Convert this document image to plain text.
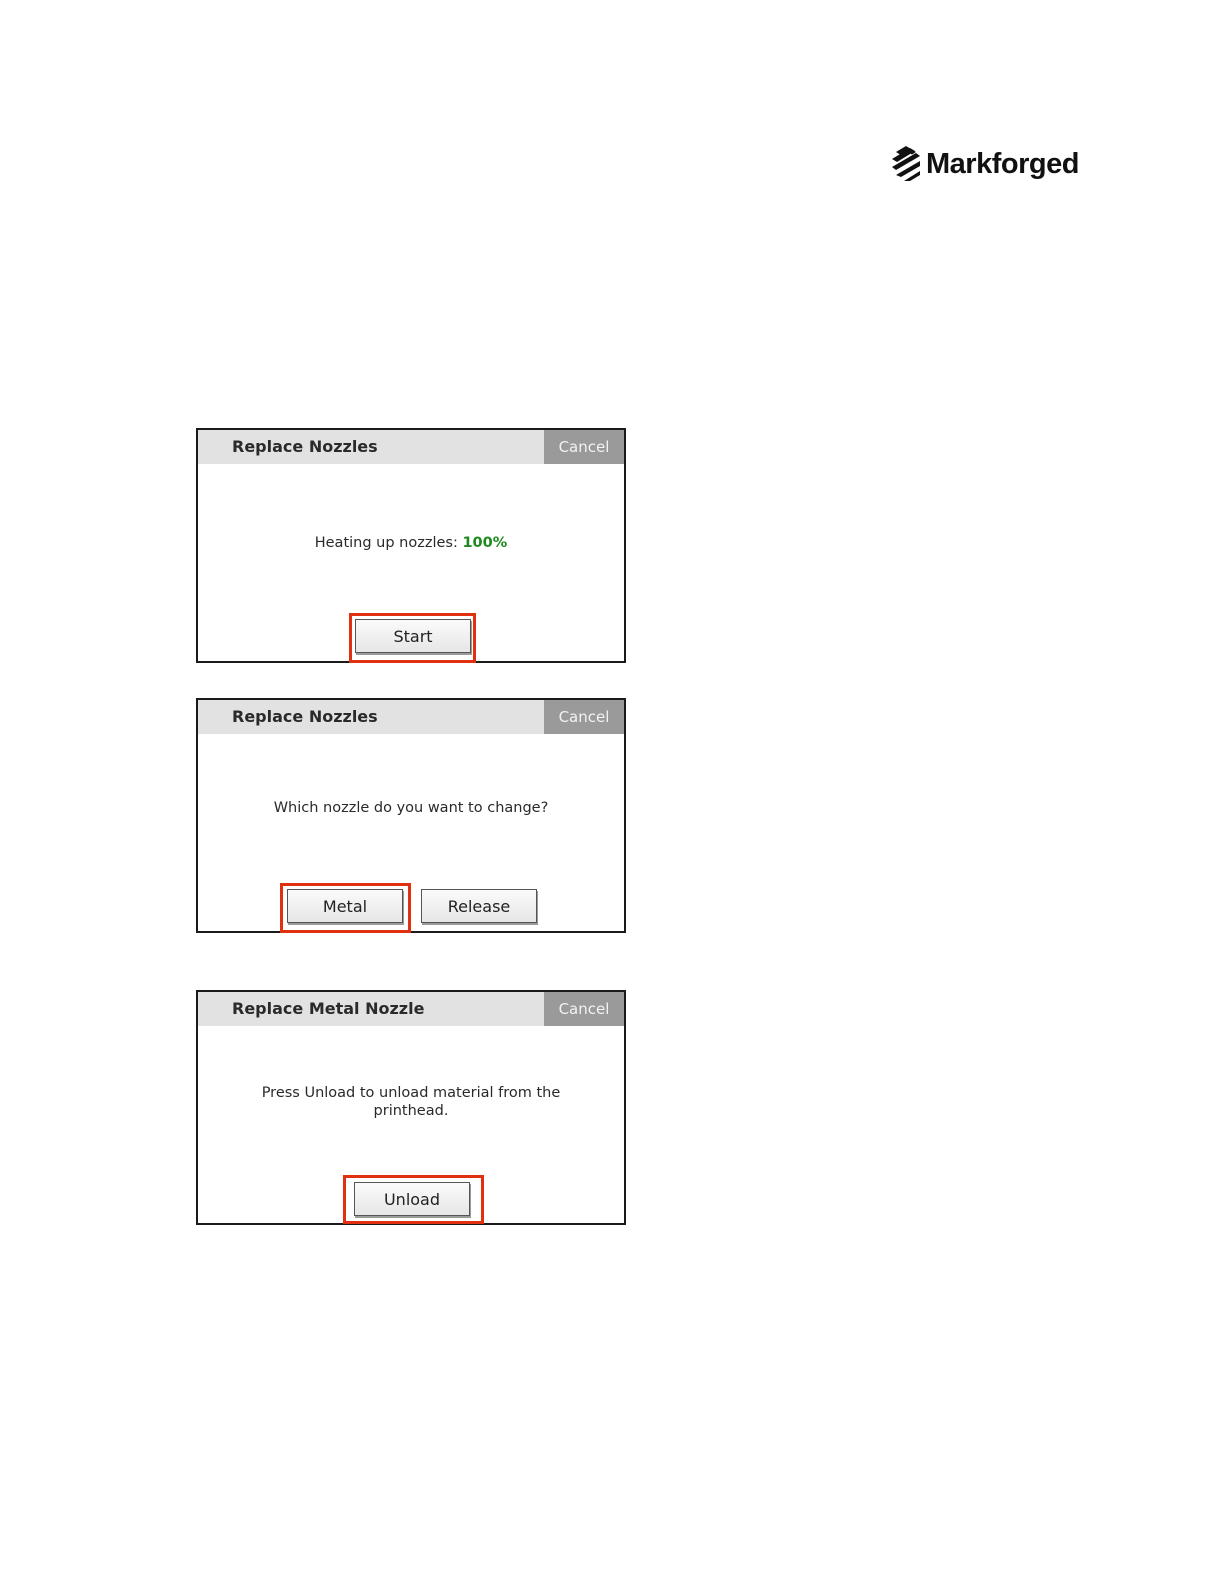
Markforged
Replace Nozzles	Cancel
Heating up nozzles: 100%
Start
Replace Nozzles	Cancel
Which nozzle do you want to change?
Metal	Release
Replace Metal Nozzle	Cancel
Press Unload to unload material from the printhead.
Unload
